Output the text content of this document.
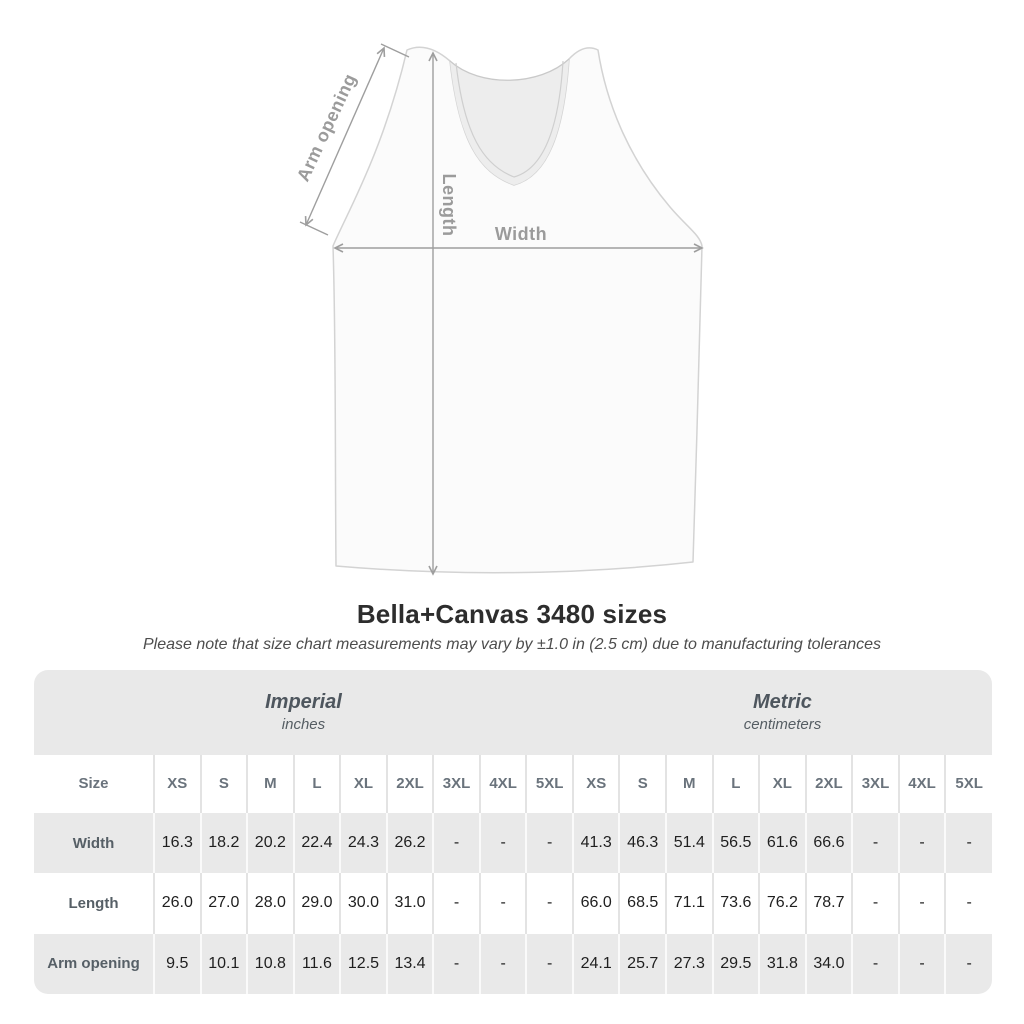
Arm opening
Length Width
Bella+Canvas 3480 sizes
Please note that size chart measurements may vary by ±1.0 in (2.5 cm) due to manufacturing tolerances
Imperial
inches

Metric
centimeters

Size	XS	S	M	L	XL	2XL	3XL	4XL	5XL	XS	S	M	L	XL	2XL	3XL	4XL	5XL
Width	16.3	18.2	20.2	22.4	24.3	26.2	-	-	-	41.3	46.3	51.4	56.5	61.6	66.6	-	-	-
Length	26.0	27.0	28.0	29.0	30.0	31.0	-	-	-	66.0	68.5	71.1	73.6	76.2	78.7	-	-	-
Arm opening	9.5	10.1	10.8	11.6	12.5	13.4	-	-	-	24.1	25.7	27.3	29.5	31.8	34.0	-	-	-
